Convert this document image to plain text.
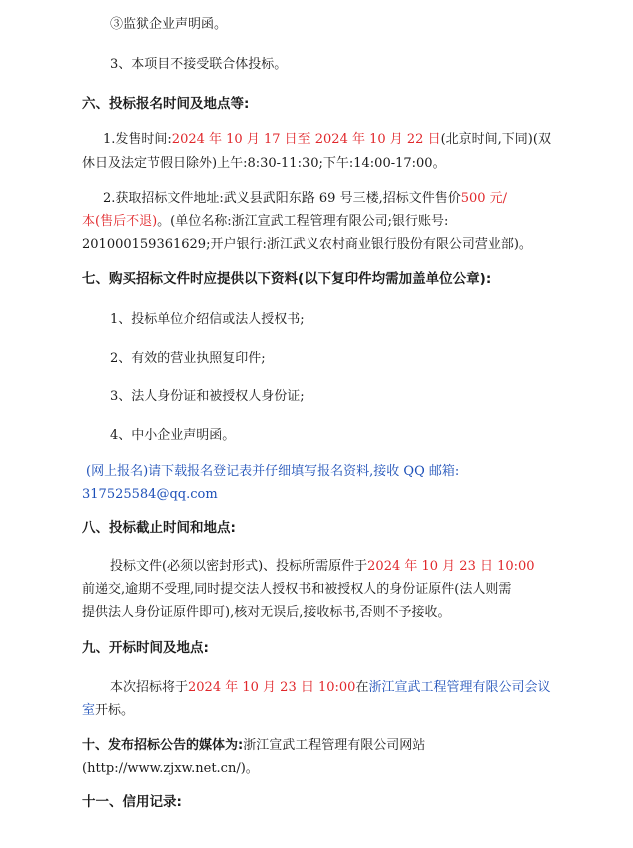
③监狱企业声明函。
3、本项目不接受联合体投标。
六、投标报名时间及地点等:
1.发售时间:2024 年 10 月 17 日至 2024 年 10 月 22 日(北京时间,下同)(双
休日及法定节假日除外)上午:8:30-11:30;下午:14:00-17:00。
2.获取招标文件地址:武义县武阳东路 69 号三楼,招标文件售价500 元/
本(售后不退)。(单位名称:浙江宣武工程管理有限公司;银行账号:
201000159361629;开户银行:浙江武义农村商业银行股份有限公司营业部)。
七、购买招标文件时应提供以下资料(以下复印件均需加盖单位公章):
1、投标单位介绍信或法人授权书;
2、有效的营业执照复印件;
3、法人身份证和被授权人身份证;
4、中小企业声明函。
(网上报名)请下载报名登记表并仔细填写报名资料,接收 QQ 邮箱:
317525584@qq.com
八、投标截止时间和地点:
投标文件(必须以密封形式)、投标所需原件于2024 年 10 月 23 日 10:00
前递交,逾期不受理,同时提交法人授权书和被授权人的身份证原件(法人则需
提供法人身份证原件即可),核对无误后,接收标书,否则不予接收。
九、开标时间及地点:
本次招标将于2024 年 10 月 23 日 10:00在浙江宣武工程管理有限公司会议
室开标。
十、发布招标公告的媒体为:浙江宣武工程管理有限公司网站
(http://www.zjxw.net.cn/)。
十一、信用记录:
